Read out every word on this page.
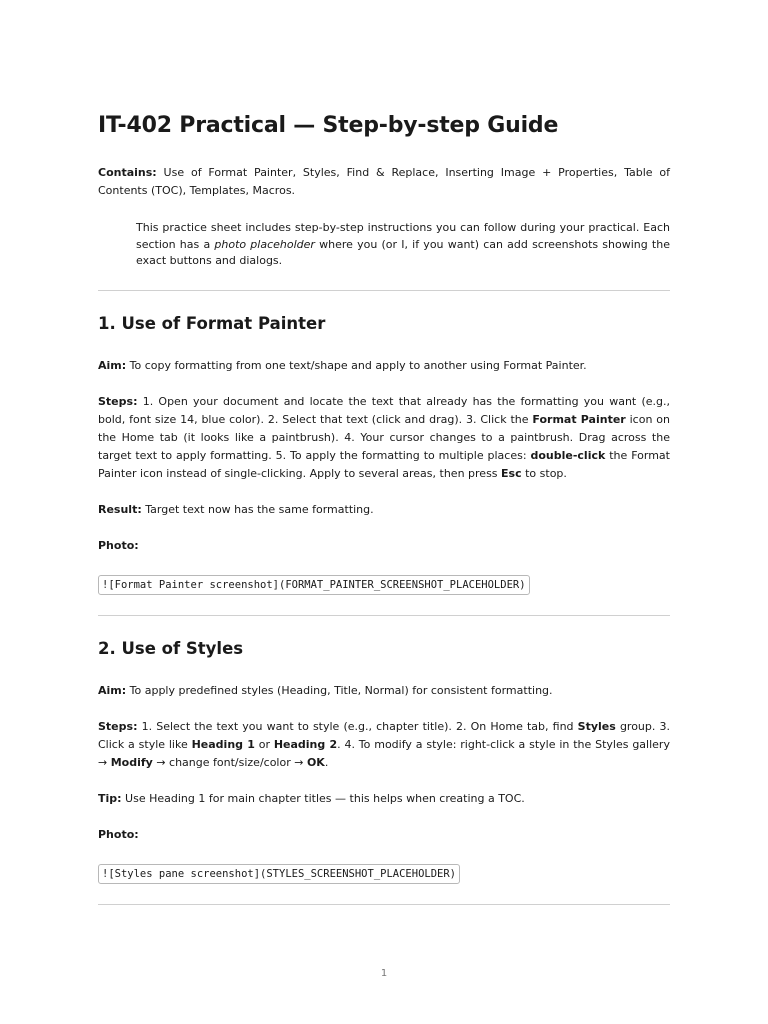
IT-402 Practical — Step-by-step Guide

Contains: Use of Format Painter, Styles, Find & Replace, Inserting Image + Properties, Table of Contents (TOC), Templates, Macros.

This practice sheet includes step-by-step instructions you can follow during your practical. Each section has a photo placeholder where you (or I, if you want) can add screenshots showing the exact buttons and dialogs.

1. Use of Format Painter

Aim: To copy formatting from one text/shape and apply to another using Format Painter.

Steps: 1. Open your document and locate the text that already has the formatting you want (e.g., bold, font size 14, blue color). 2. Select that text (click and drag). 3. Click the Format Painter icon on the Home tab (it looks like a paintbrush). 4. Your cursor changes to a paintbrush. Drag across the target text to apply formatting. 5. To apply the formatting to multiple places: double-click the Format Painter icon instead of single-clicking. Apply to several areas, then press Esc to stop.

Result: Target text now has the same formatting.

Photo:

![Format Painter screenshot](FORMAT_PAINTER_SCREENSHOT_PLACEHOLDER)
2. Use of Styles

Aim: To apply predefined styles (Heading, Title, Normal) for consistent formatting.

Steps: 1. Select the text you want to style (e.g., chapter title). 2. On Home tab, find Styles group. 3. Click a style like Heading 1 or Heading 2. 4. To modify a style: right-click a style in the Styles gallery → Modify → change font/size/color → OK.

Tip: Use Heading 1 for main chapter titles — this helps when creating a TOC.

Photo:

![Styles pane screenshot](STYLES_SCREENSHOT_PLACEHOLDER)
1
